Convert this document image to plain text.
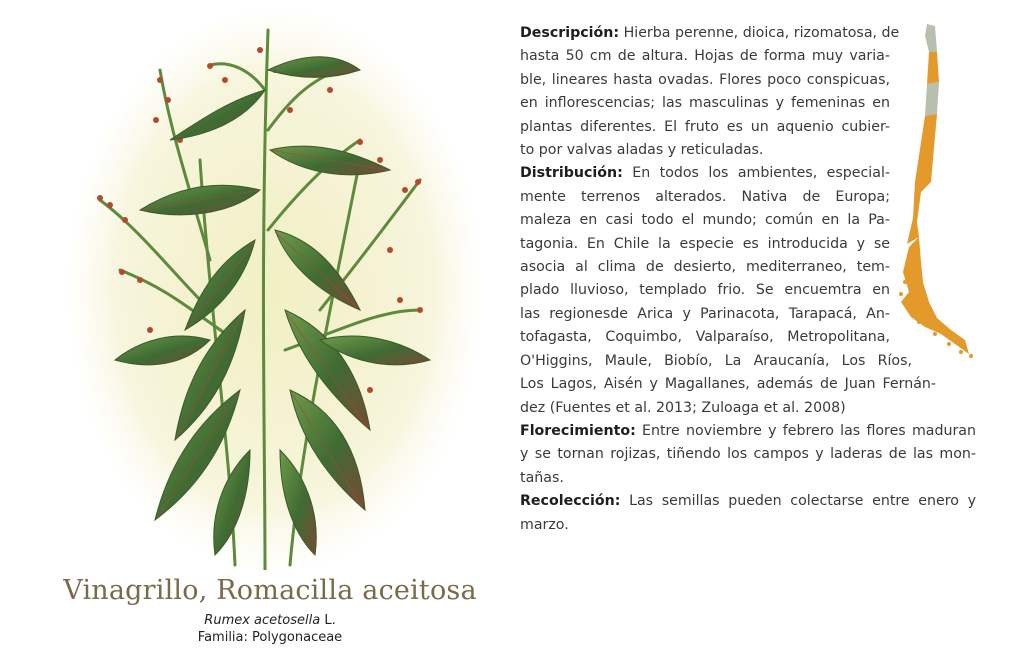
Vinagrillo, Romacilla aceitosa
Rumex acetosella L.
Familia: Polygonaceae
Descripción: Hierba perenne, dioica, rizomatosa, de
hasta 50 cm de altura. Hojas de forma muy varia-
ble, lineares hasta ovadas. Flores poco conspicuas,
en inflorescencias; las masculinas y femeninas en
plantas diferentes. El fruto es un aquenio cubier-
to por valvas aladas y reticuladas.
Distribución: En todos los ambientes, especial-
mente terrenos alterados. Nativa de Europa;
maleza en casi todo el mundo; común en la Pa-
tagonia. En Chile la especie es introducida y se
asocia al clima de desierto, mediterraneo, tem-
plado lluvioso, templado frio. Se encuemtra en
las regionesde Arica y Parinacota, Tarapacá, An-
tofagasta, Coquimbo, Valparaíso, Metropolitana,
O'Higgins, Maule, Biobío, La Araucanía, Los Ríos,
Los Lagos, Aisén y Magallanes, además de Juan Fernán-
dez (Fuentes et al. 2013; Zuloaga et al. 2008)
Florecimiento: Entre noviembre y febrero las flores maduran
y se tornan rojizas, tiñendo los campos y laderas de las mon-
tañas.
Recolección: Las semillas pueden colectarse entre enero y
marzo.
